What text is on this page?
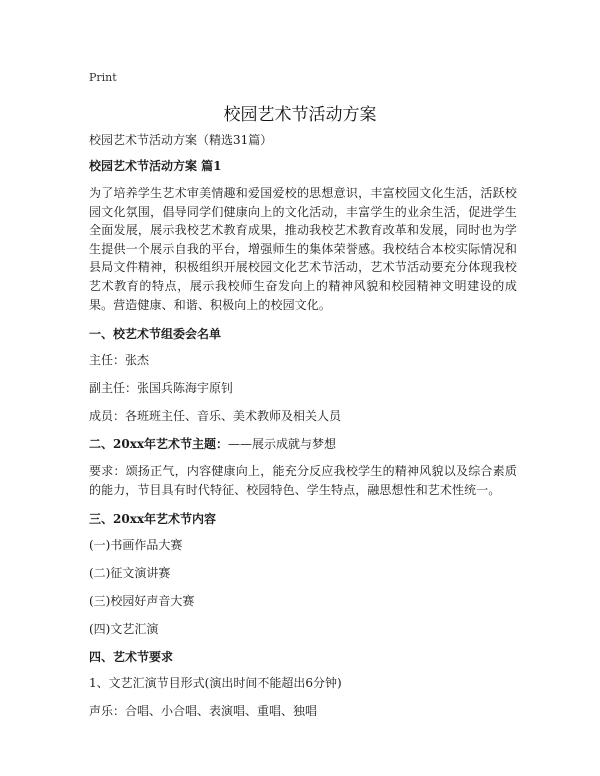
Print
校园艺术节活动方案
校园艺术节活动方案（精选31篇）
校园艺术节活动方案 篇1

为了培养学生艺术审美情趣和爱国爱校的思想意识，丰富校园文化生活，活跃校园文化氛围，倡导同学们健康向上的文化活动，丰富学生的业余生活，促进学生全面发展，展示我校艺术教育成果，推动我校艺术教育改革和发展，同时也为学生提供一个展示自我的平台，增强师生的集体荣誉感。我校结合本校实际情况和县局文件精神，积极组织开展校园文化艺术节活动，艺术节活动要充分体现我校艺术教育的特点，展示我校师生奋发向上的精神风貌和校园精神文明建设的成果。营造健康、和谐、积极向上的校园文化。

一、校艺术节组委会名单
主任：张杰
副主任：张国兵陈海宇原钊
成员：各班班主任、音乐、美术教师及相关人员
二、20xx年艺术节主题：——展示成就与梦想

要求：颂扬正气，内容健康向上，能充分反应我校学生的精神风貌以及综合素质的能力，节目具有时代特征、校园特色、学生特点，融思想性和艺术性统一。

三、20xx年艺术节内容
(一)书画作品大赛
(二)征文演讲赛
(三)校园好声音大赛
(四)文艺汇演
四、艺术节要求
1、文艺汇演节目形式(演出时间不能超出6分钟)
声乐：合唱、小合唱、表演唱、重唱、独唱
